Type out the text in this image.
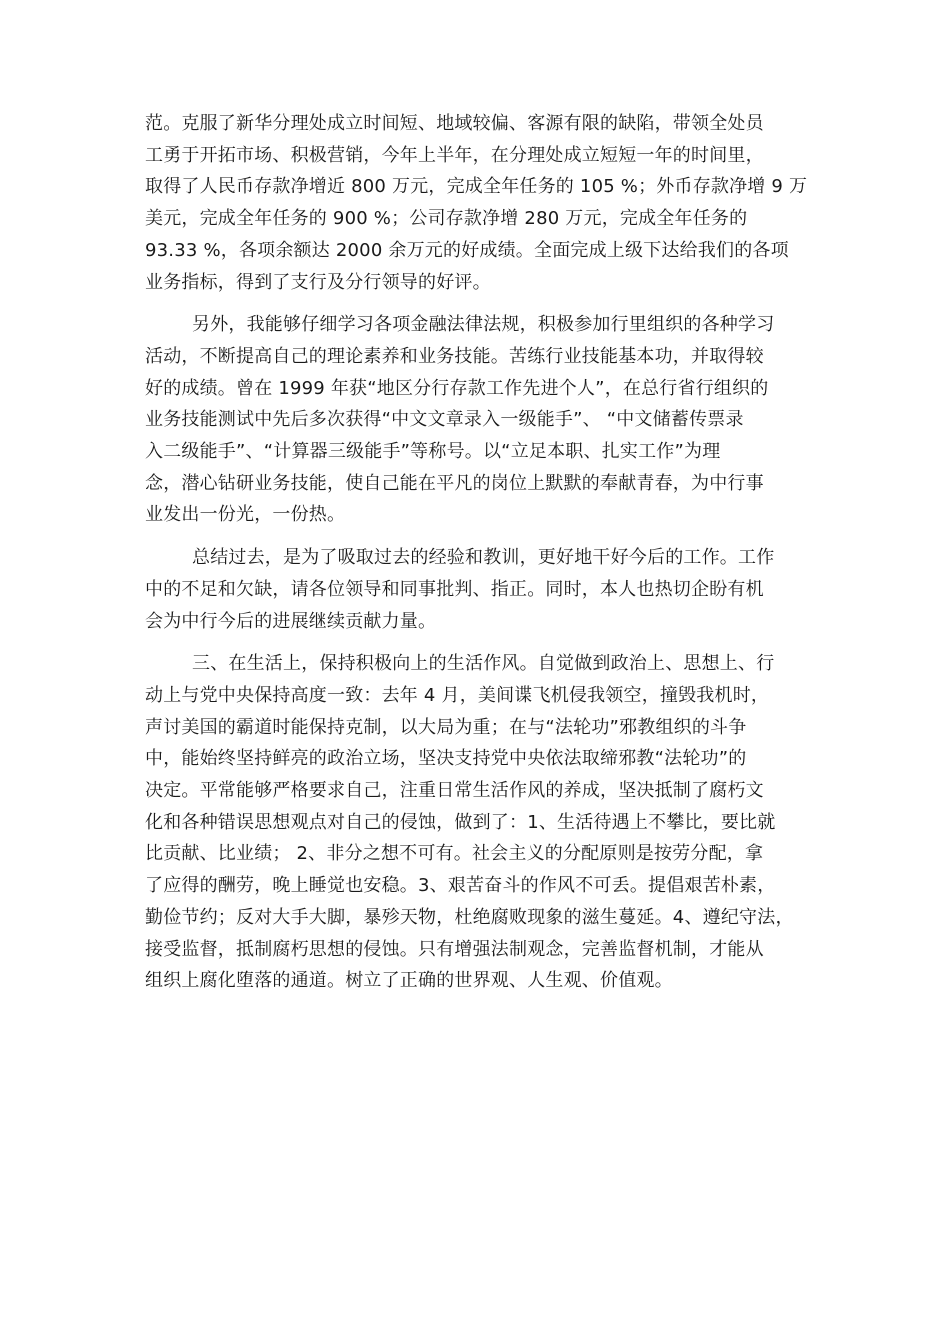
范。克服了新华分理处成立时间短、地域较偏、客源有限的缺陷，带领全处员
工勇于开拓市场、积极营销，今年上半年，在分理处成立短短一年的时间里，
取得了人民币存款净增近 800 万元，完成全年任务的 105 %；外币存款净增 9 万
美元，完成全年任务的 900 %；公司存款净增 280 万元，完成全年任务的
93.33 %，各项余额达 2000 余万元的好成绩。全面完成上级下达给我们的各项
业务指标，得到了支行及分行领导的好评。

另外，我能够仔细学习各项金融法律法规，积极参加行里组织的各种学习
活动，不断提高自己的理论素养和业务技能。苦练行业技能基本功，并取得较
好的成绩。曾在 1999 年获“地区分行存款工作先进个人”，在总行省行组织的
业务技能测试中先后多次获得“中文文章录入一级能手”、 “中文储蓄传票录
入二级能手”、“计算器三级能手”等称号。以“立足本职、扎实工作”为理
念，潜心钻研业务技能，使自己能在平凡的岗位上默默的奉献青春，为中行事
业发出一份光，一份热。

总结过去，是为了吸取过去的经验和教训，更好地干好今后的工作。工作
中的不足和欠缺，请各位领导和同事批判、指正。同时，本人也热切企盼有机
会为中行今后的进展继续贡献力量。

三、在生活上，保持积极向上的生活作风。自觉做到政治上、思想上、行
动上与党中央保持高度一致：去年 4 月，美间谍飞机侵我领空，撞毁我机时，
声讨美国的霸道时能保持克制，以大局为重；在与“法轮功”邪教组织的斗争
中，能始终坚持鲜亮的政治立场，坚决支持党中央依法取缔邪教“法轮功”的
决定。平常能够严格要求自己，注重日常生活作风的养成，坚决抵制了腐朽文
化和各种错误思想观点对自己的侵蚀，做到了：1、生活待遇上不攀比，要比就
比贡献、比业绩； 2、非分之想不可有。社会主义的分配原则是按劳分配，拿
了应得的酬劳，晚上睡觉也安稳。3、艰苦奋斗的作风不可丢。提倡艰苦朴素，
勤俭节约；反对大手大脚，暴殄天物，杜绝腐败现象的滋生蔓延。4、遵纪守法，
接受监督，抵制腐朽思想的侵蚀。只有增强法制观念，完善监督机制，才能从
组织上腐化堕落的通道。树立了正确的世界观、人生观、价值观。
